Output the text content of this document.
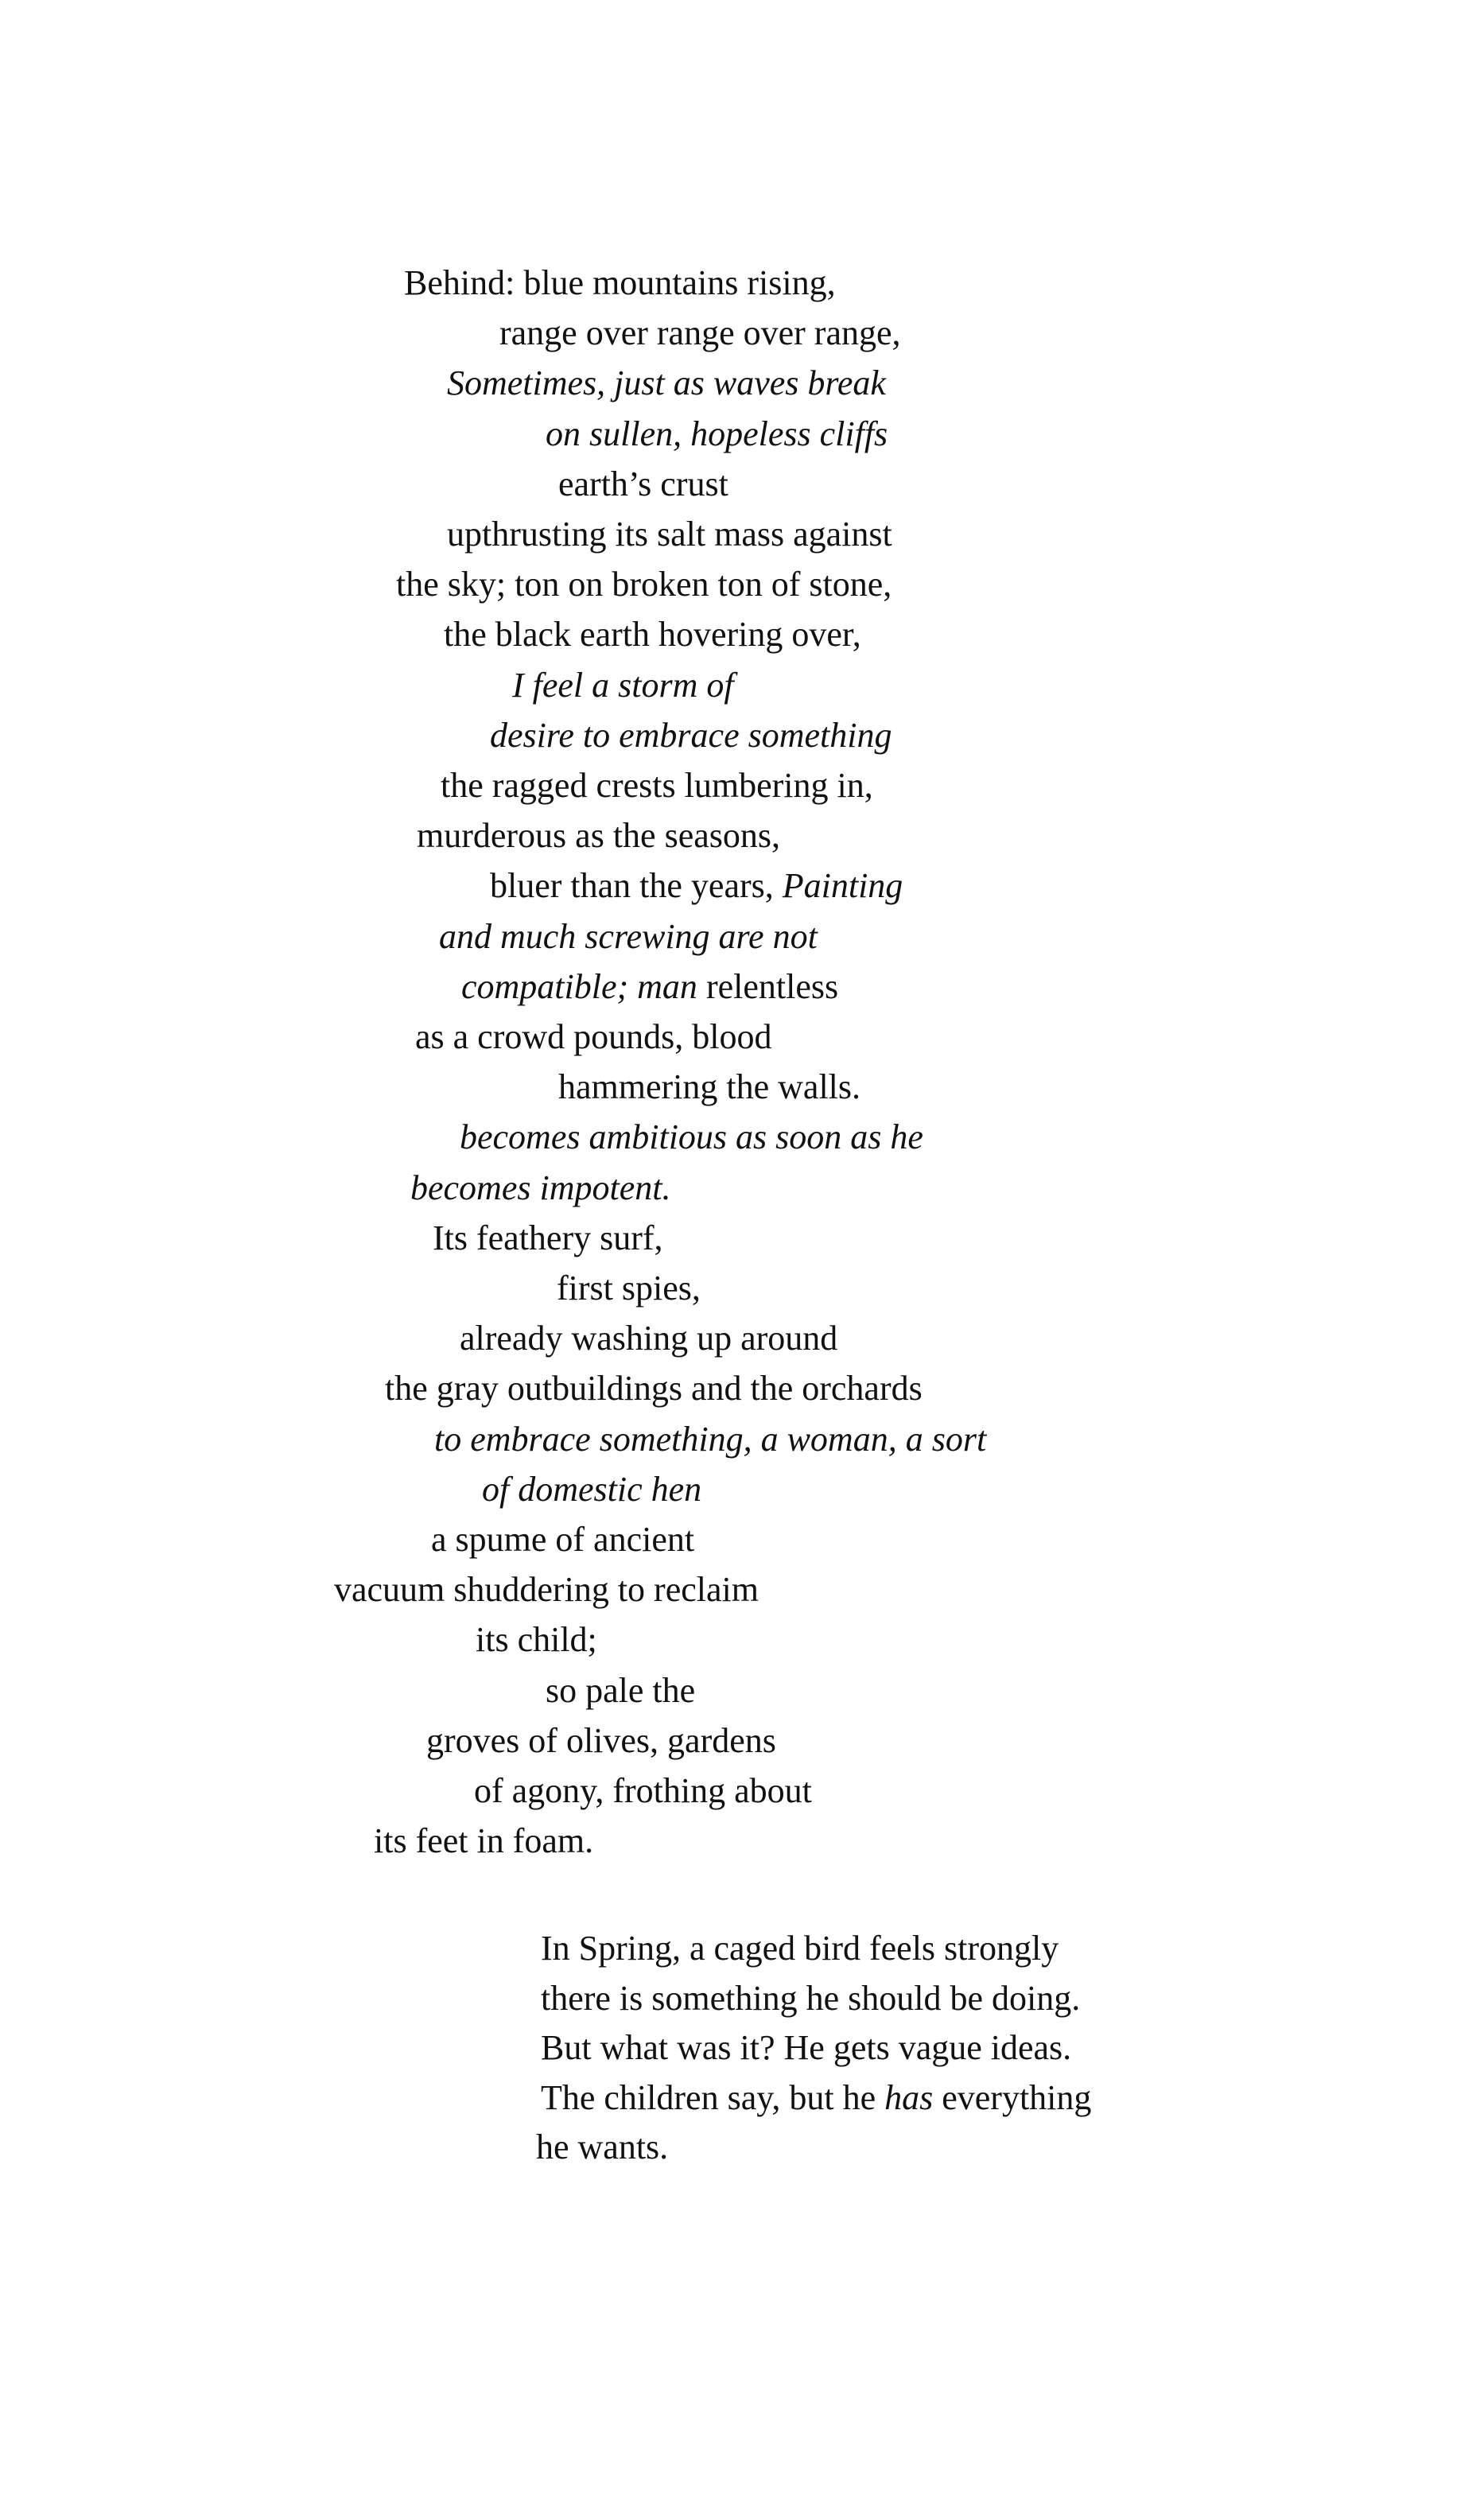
Behind: blue mountains rising,
range over range over range,
Sometimes, just as waves break
on sullen, hopeless cliffs
earth’s crust
upthrusting its salt mass against
the sky; ton on broken ton of stone,
the black earth hovering over,
I feel a storm of
desire to embrace something
the ragged crests lumbering in,
murderous as the seasons,
bluer than the years, Painting
and much screwing are not
compatible; man relentless
as a crowd pounds, blood
hammering the walls.
becomes ambitious as soon as he
becomes impotent.
Its feathery surf,
first spies,
already washing up around
the gray outbuildings and the orchards
to embrace something, a woman, a sort
of domestic hen
a spume of ancient
vacuum shuddering to reclaim
its child;
so pale the
groves of olives, gardens
of agony, frothing about
its feet in foam.
In Spring, a caged bird feels strongly
there is something he should be doing.
But what was it? He gets vague ideas.
The children say, but he has everything
he wants.
